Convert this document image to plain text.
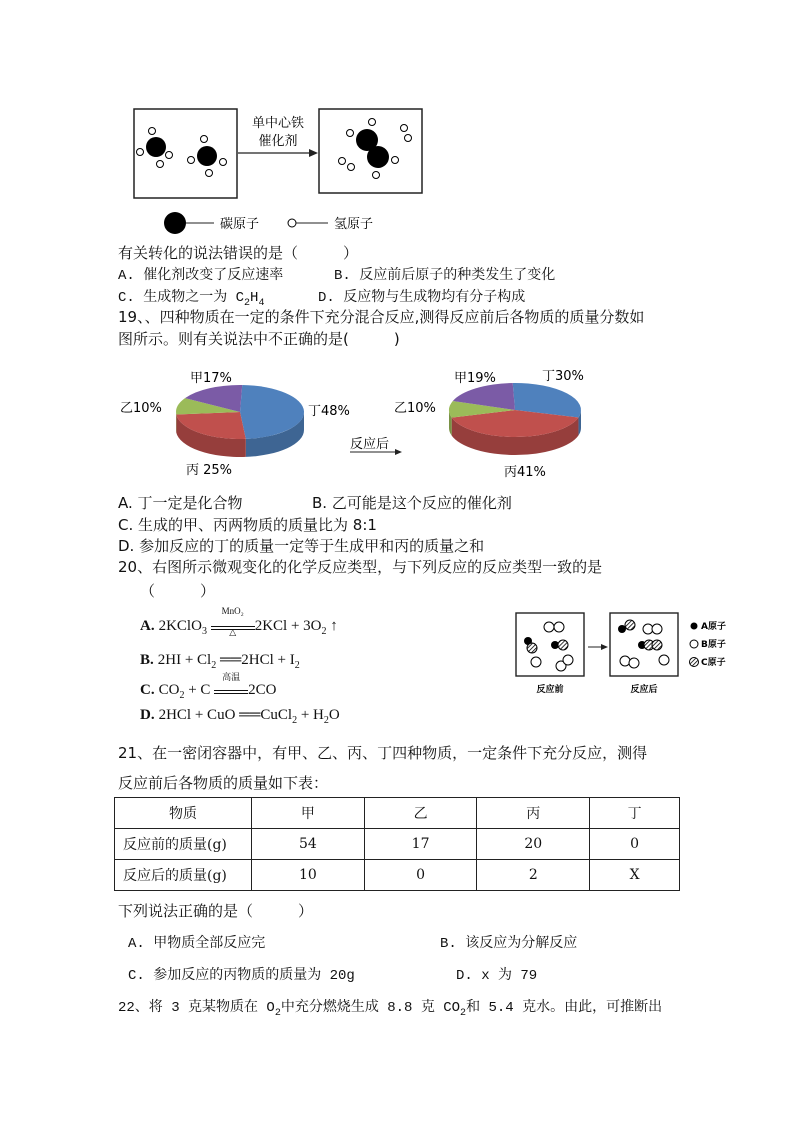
单中心铁
催化剂
碳原子	氢原子
有关转化的说法错误的是（　　　）
A. 催化剂改变了反应速率	B. 反应前后原子的种类发生了变化
C. 生成物之一为 $C_2H_4$	D. 反应物与生成物均有分子构成
19、、四种物质在一定的条件下充分混合反应,测得反应前后各物质的质量分数如
图所示。则有关说法中不正确的是(　　　)
甲17%
乙10%
丙 25%
丁48%
反应后
甲19%
乙10%
丙41%
丁30%
A. 丁一定是化合物	B. 乙可能是这个反应的催化剂
C. 生成的甲、丙两物质的质量比为 8:1
D. 参加反应的丁的质量一定等于生成甲和丙的质量之和
20、右图所示微观变化的化学反应类型，与下列反应的反应类型一致的是
（　　　）
A. 2KClO$_3$
MnO₂
△	$2KCl + 3O_2$ ↑
B. $2HI + Cl_2$ ══2HCl + $I_2$
C. $CO_2 + C$
高温
2CO
D. 2HCl + CuO ══CuCl$_2$ + $H_2O$
反应前	反应后
A原子
B原子
C原子
21、在一密闭容器中，有甲、乙、丙、丁四种物质，一定条件下充分反应，测得
反应前后各物质的质量如下表：
物质	甲	乙	丙	丁
反应前的质量(g)	54	17	20	0
反应后的质量(g)	10	0	2	X
下列说法正确的是（　　　）
A. 甲物质全部反应完	B. 该反应为分解反应
C. 参加反应的丙物质的质量为 20g	D. x 为 79
22、将 3 克某物质在 $O_2$中充分燃烧生成 8.8 克 $CO_2$和 5.4 克水。由此，可推断出
